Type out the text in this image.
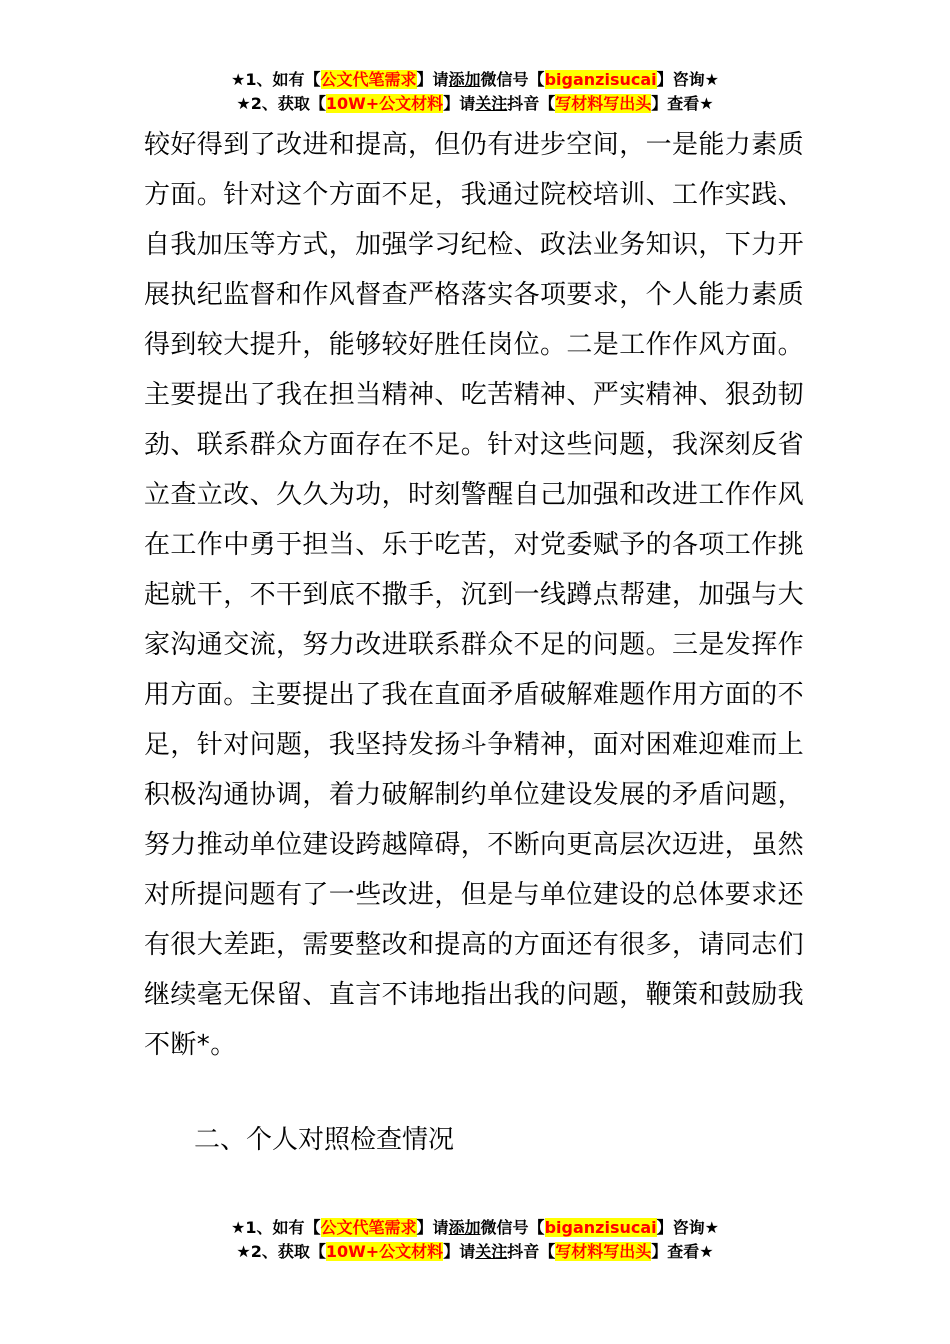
★1、如有【公文代笔需求】请添加微信号【biganzisucai】咨询★
★2、获取【10W+公文材料】请关注抖音【写材料写出头】查看★
较好得到了改进和提高，但仍有进步空间，一是能力素质
方面。针对这个方面不足，我通过院校培训、工作实践、
自我加压等方式，加强学习纪检、政法业务知识，下力开
展执纪监督和作风督查严格落实各项要求，个人能力素质
得到较大提升，能够较好胜任岗位。二是工作作风方面。
主要提出了我在担当精神、吃苦精神、严实精神、狠劲韧
劲、联系群众方面存在不足。针对这些问题，我深刻反省
立查立改、久久为功，时刻警醒自己加强和改进工作作风
在工作中勇于担当、乐于吃苦，对党委赋予的各项工作挑
起就干，不干到底不撒手，沉到一线蹲点帮建，加强与大
家沟通交流，努力改进联系群众不足的问题。三是发挥作
用方面。主要提出了我在直面矛盾破解难题作用方面的不
足，针对问题，我坚持发扬斗争精神，面对困难迎难而上
积极沟通协调，着力破解制约单位建设发展的矛盾问题，
努力推动单位建设跨越障碍，不断向更高层次迈进，虽然
对所提问题有了一些改进，但是与单位建设的总体要求还
有很大差距，需要整改和提高的方面还有很多，请同志们
继续毫无保留、直言不讳地指出我的问题，鞭策和鼓励我
不断*。
二、个人对照检查情况
★1、如有【公文代笔需求】请添加微信号【biganzisucai】咨询★
★2、获取【10W+公文材料】请关注抖音【写材料写出头】查看★
